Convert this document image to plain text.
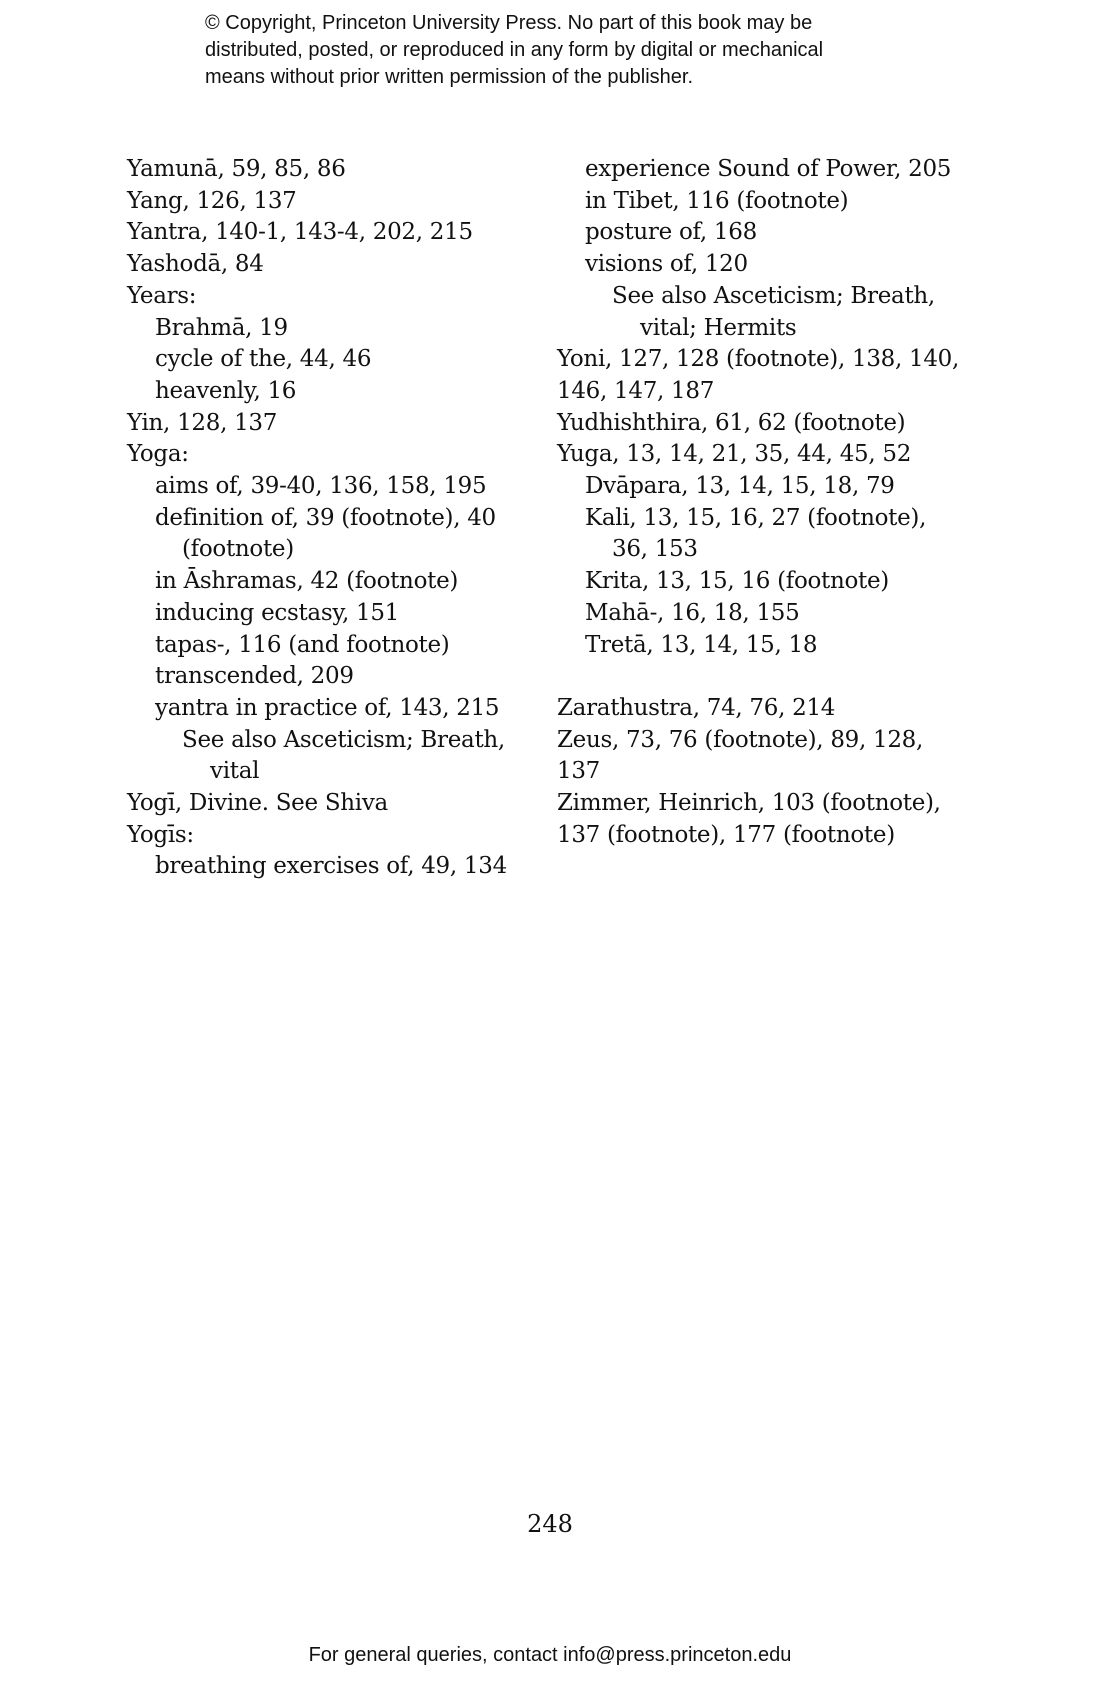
© Copyright, Princeton University Press. No part of this book may be
distributed, posted, or reproduced in any form by digital or mechanical
means without prior written permission of the publisher.
Yamunā, 59, 85, 86
Yang, 126, 137
Yantra, 140-1, 143-4, 202, 215
Yashodā, 84
Years:
Brahmā, 19
cycle of the, 44, 46
heavenly, 16
Yin, 128, 137
Yoga:
aims of, 39-40, 136, 158, 195
definition of, 39 (footnote), 40
(footnote)
in Āshramas, 42 (footnote)
inducing ecstasy, 151
tapas-, 116 (and footnote)
transcended, 209
yantra in practice of, 143, 215
See also Asceticism; Breath,
vital
Yogī, Divine. See Shiva
Yogīs:
breathing exercises of, 49, 134
experience Sound of Power, 205
in Tibet, 116 (footnote)
posture of, 168
visions of, 120
See also Asceticism; Breath,
vital; Hermits
Yoni, 127, 128 (footnote), 138, 140,
146, 147, 187
Yudhishthira, 61, 62 (footnote)
Yuga, 13, 14, 21, 35, 44, 45, 52
Dvāpara, 13, 14, 15, 18, 79
Kali, 13, 15, 16, 27 (footnote),
36, 153
Krita, 13, 15, 16 (footnote)
Mahā-, 16, 18, 155
Tretā, 13, 14, 15, 18
Zarathustra, 74, 76, 214
Zeus, 73, 76 (footnote), 89, 128,
137
Zimmer, Heinrich, 103 (footnote),
137 (footnote), 177 (footnote)
248
For general queries, contact info@press.princeton.edu
